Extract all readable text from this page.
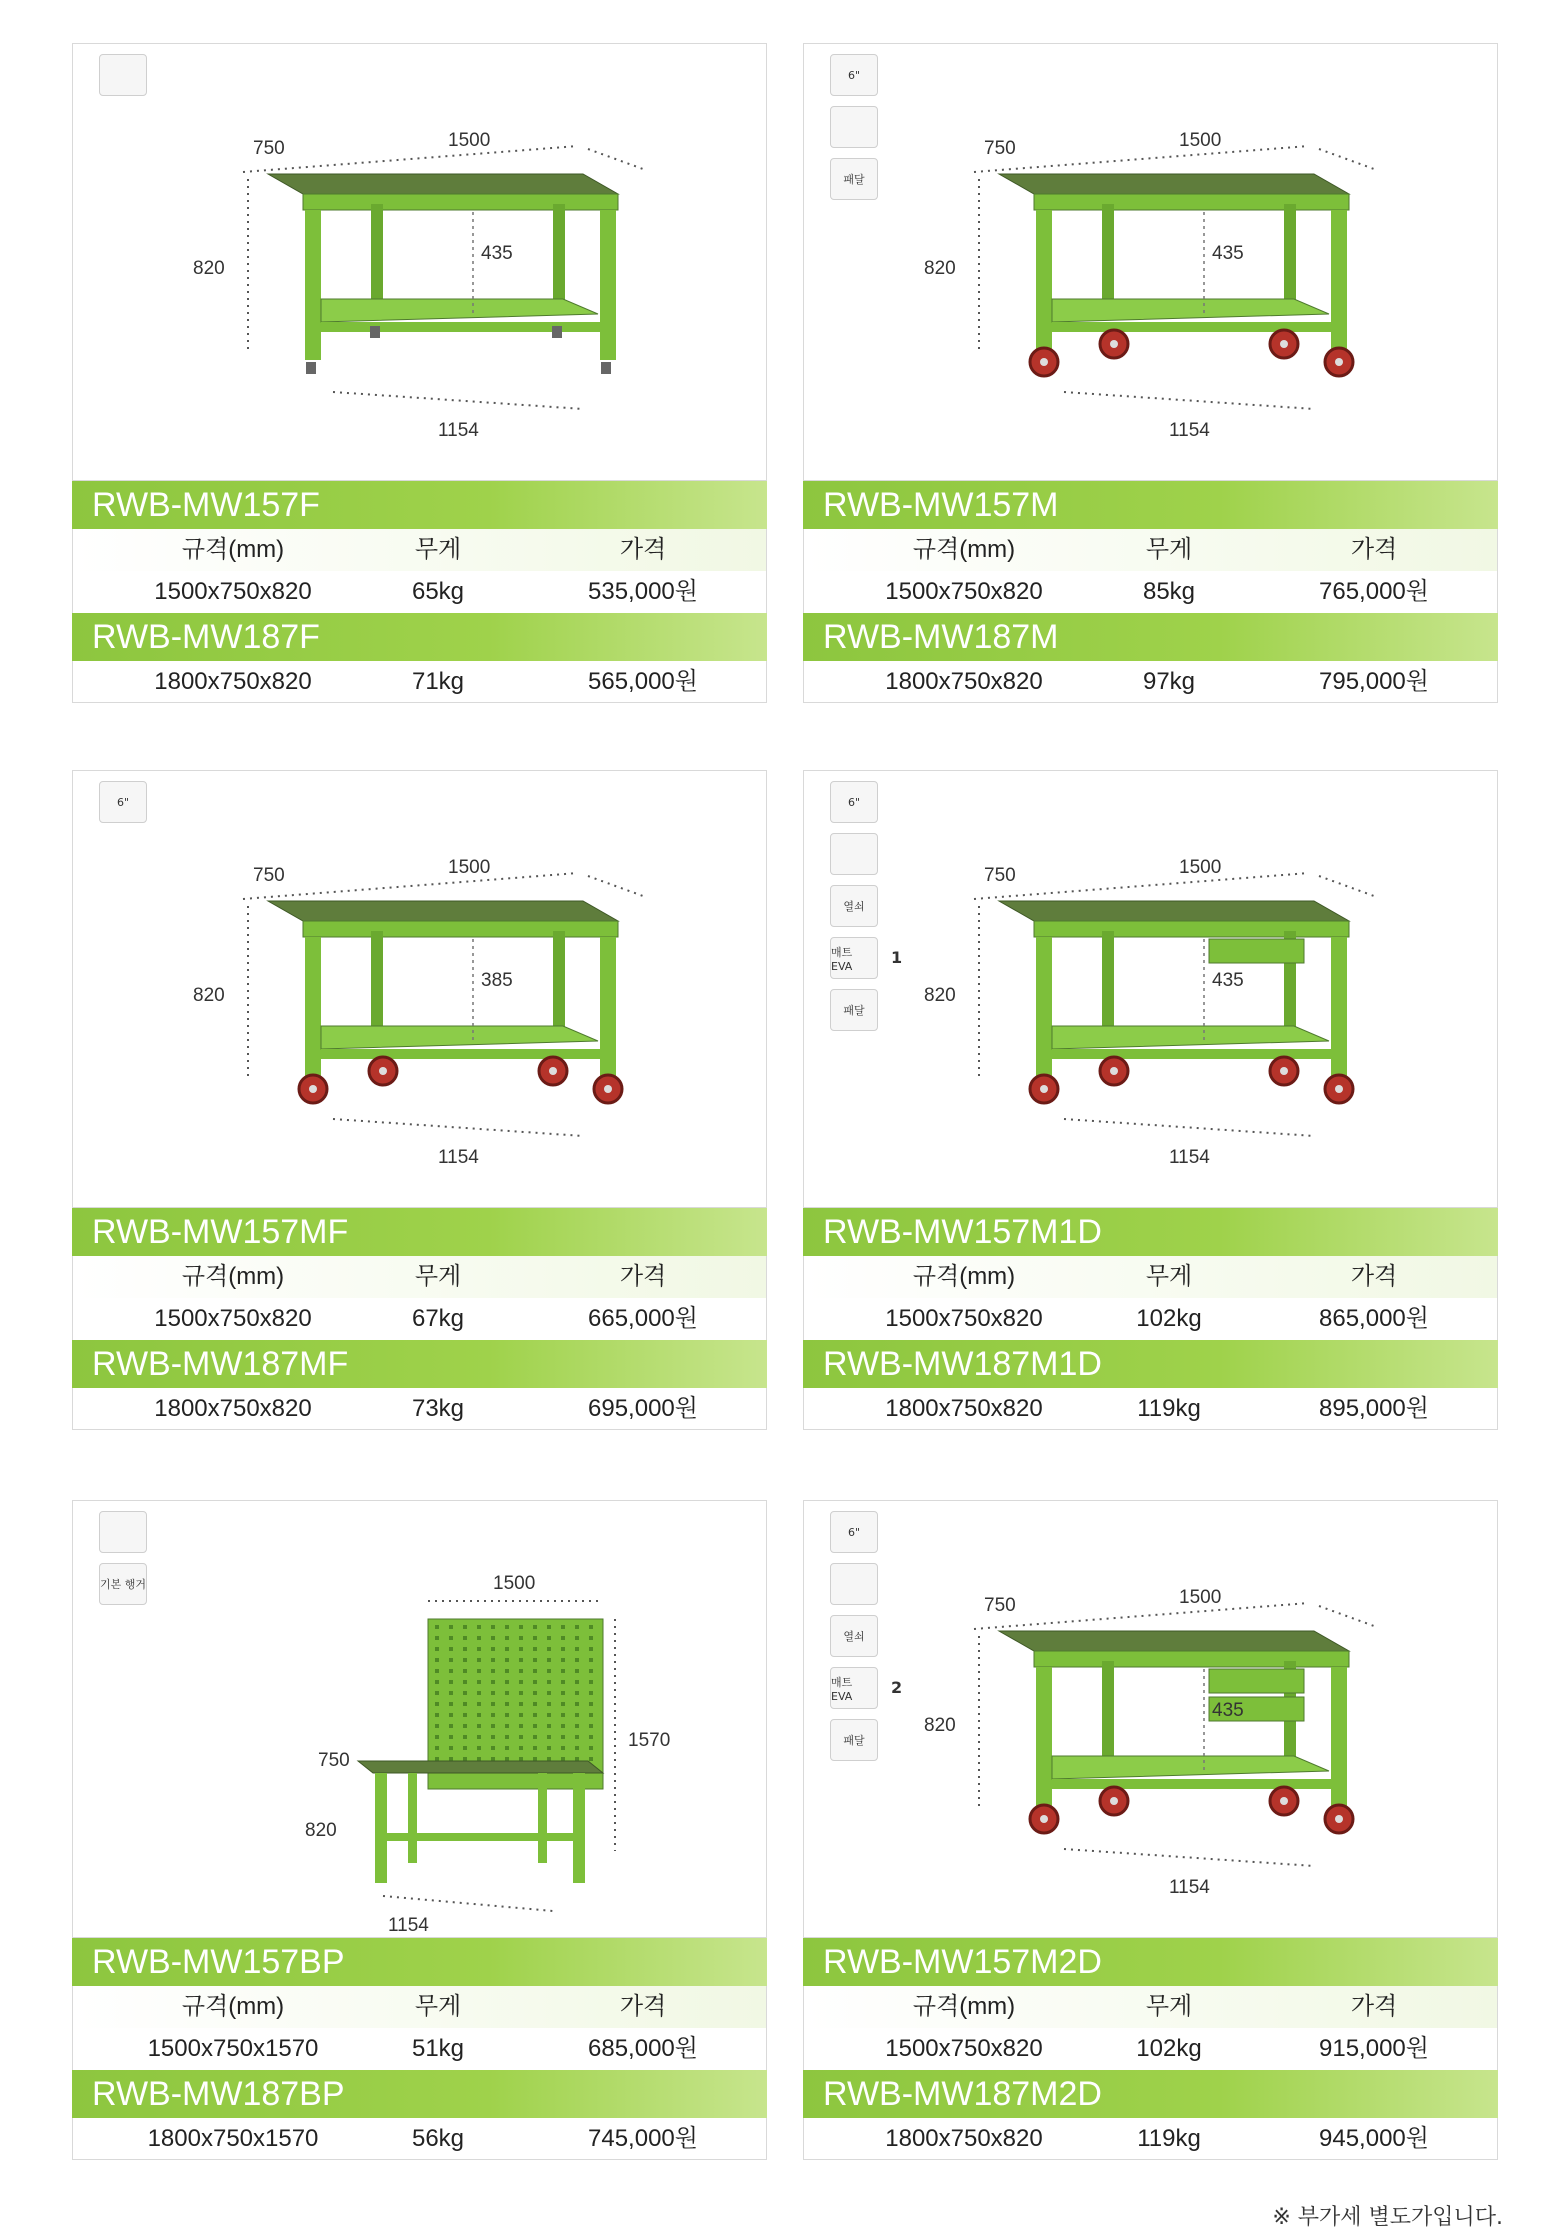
750	1500
820
435
1154
RWB-MW157F
규격(mm)	무게	가격
1500x750x820	65kg	535,000원
RWB-MW187F
1800x750x820	71kg	565,000원
6"
패달
750	1500
820
435
1154
RWB-MW157M
규격(mm)	무게	가격
1500x750x820	85kg	765,000원
RWB-MW187M
1800x750x820	97kg	795,000원
6"
750	1500
820
385
1154
RWB-MW157MF
규격(mm)	무게	가격
1500x750x820	67kg	665,000원
RWB-MW187MF
1800x750x820	73kg	695,000원
6"
열쇠
매트 EVA	1
패달
750	1500
820
435
1154
RWB-MW157M1D
규격(mm)	무게	가격
1500x750x820	102kg	865,000원
RWB-MW187M1D
1800x750x820	119kg	895,000원
기본 행거	1500
750
820
1570
1154
RWB-MW157BP
규격(mm)	무게	가격
1500x750x1570	51kg	685,000원
RWB-MW187BP
1800x750x1570	56kg	745,000원
6"
열쇠
매트 EVA	2
패달
750	1500
820
435
1154
RWB-MW157M2D
규격(mm)	무게	가격
1500x750x820	102kg	915,000원
RWB-MW187M2D
1800x750x820	119kg	945,000원
※ 부가세 별도가입니다.
